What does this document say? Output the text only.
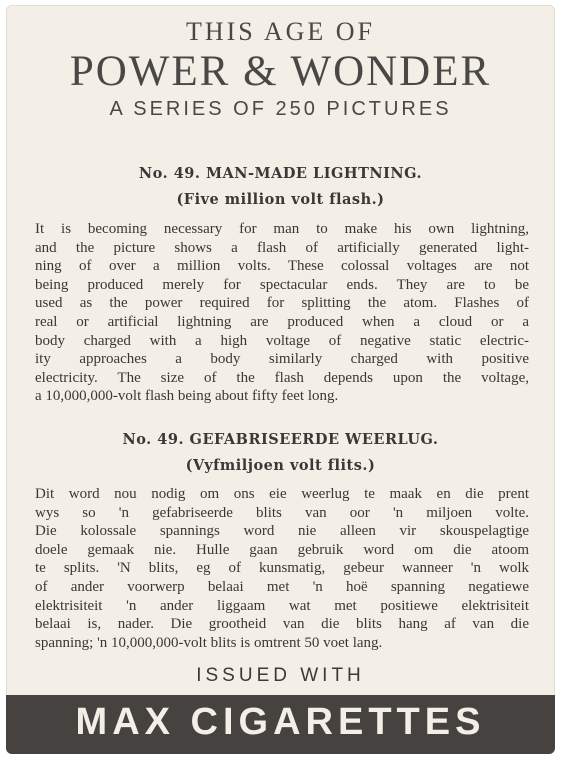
THIS AGE OF
POWER & WONDER
A SERIES OF 250 PICTURES
No. 49. MAN-MADE LIGHTNING.
(Five million volt flash.)
It is becoming necessary for man to make his own lightning,
and the picture shows a flash of artificially generated light-
ning of over a million volts. These colossal voltages are not
being produced merely for spectacular ends. They are to be
used as the power required for splitting the atom. Flashes of
real or artificial lightning are produced when a cloud or a
body charged with a high voltage of negative static electric-
ity approaches a body similarly charged with positive
electricity. The size of the flash depends upon the voltage,
a 10,000,000-volt flash being about fifty feet long.
No. 49. GEFABRISEERDE WEERLUG.
(Vyfmiljoen volt flits.)
Dit word nou nodig om ons eie weerlug te maak en die prent
wys so 'n gefabriseerde blits van oor 'n miljoen volte.
Die kolossale spannings word nie alleen vir skouspelagtige
doele gemaak nie. Hulle gaan gebruik word om die atoom
te splits. 'N blits, eg of kunsmatig, gebeur wanneer 'n wolk
of ander voorwerp belaai met 'n hoë spanning negatiewe
elektrisiteit 'n ander liggaam wat met positiewe elektrisiteit
belaai is, nader. Die grootheid van die blits hang af van die
spanning; 'n 10,000,000-volt blits is omtrent 50 voet lang.
ISSUED WITH
MAX CIGARETTES
